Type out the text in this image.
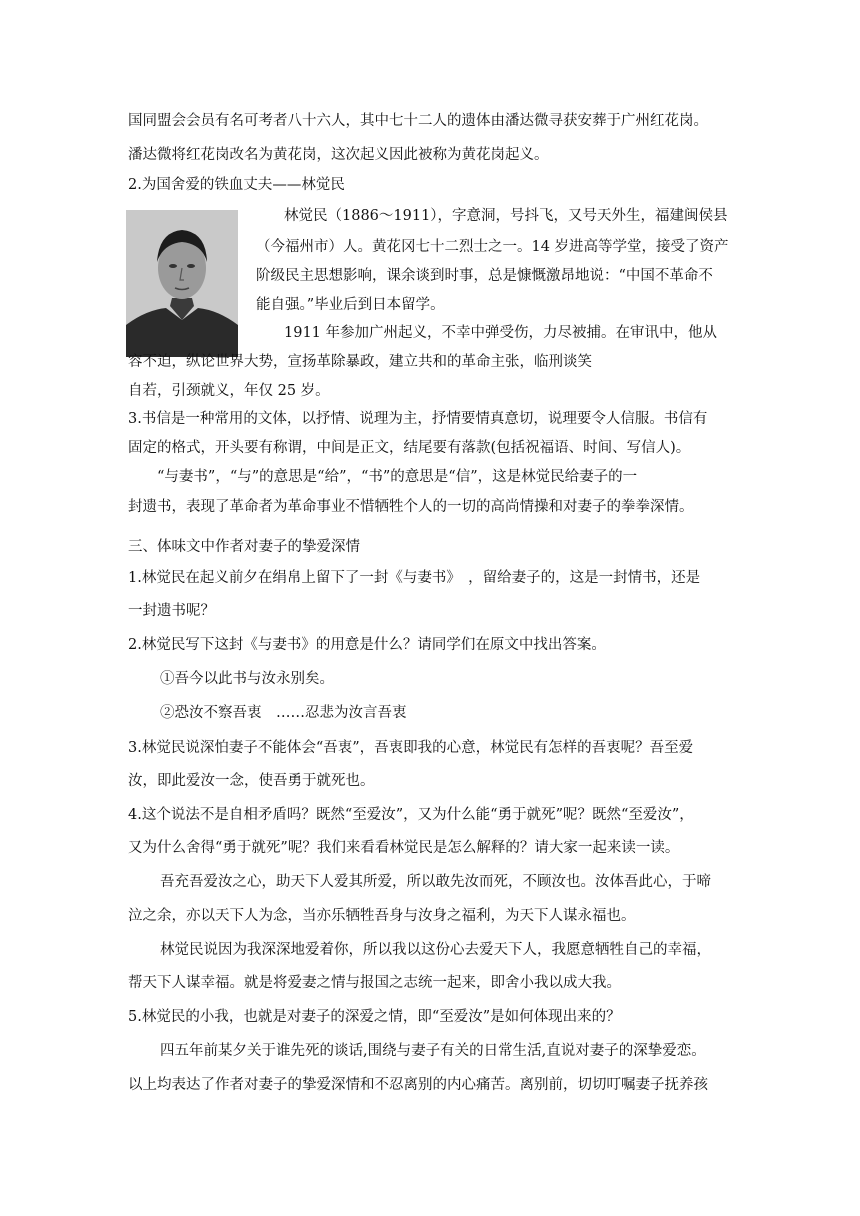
国同盟会会员有名可考者八十六人，其中七十二人的遗体由潘达微寻获安葬于广州红花岗。
潘达微将红花岗改名为黄花岗，这次起义因此被称为黄花岗起义。
2.为国舍爱的铁血丈夫——林觉民
林觉民（1886～1911），字意洞，号抖飞，又号天外生，福建闽侯县
（今福州市）人。黄花冈七十二烈士之一。14 岁进高等学堂，接受了资产
阶级民主思想影响，课余谈到时事，总是慷慨激昂地说：“中国不革命不
能自强。”毕业后到日本留学。
1911 年参加广州起义，不幸中弹受伤，力尽被捕。在审讯中，他从
容不迫，纵论世界大势，宣扬革除暴政，建立共和的革命主张，临刑谈笑
自若，引颈就义，年仅 25 岁。
3.书信是一种常用的文体，以抒情、说理为主，抒情要情真意切，说理要令人信服。书信有
固定的格式，开头要有称谓，中间是正文，结尾要有落款(包括祝福语、时间、写信人)。
“与妻书”，“与”的意思是“给”，“书”的意思是“信”，这是林觉民给妻子的一
封遗书，表现了革命者为革命事业不惜牺牲个人的一切的高尚情操和对妻子的拳拳深情。
三、体味文中作者对妻子的挚爱深情
1.林觉民在起义前夕在绢帛上留下了一封《与妻书》　，留给妻子的，这是一封情书，还是
一封遗书呢？
2.林觉民写下这封《与妻书》的用意是什么？请同学们在原文中找出答案。
①吾今以此书与汝永别矣。
②恐汝不察吾衷　……忍悲为汝言吾衷
3.林觉民说深怕妻子不能体会“吾衷”，吾衷即我的心意，林觉民有怎样的吾衷呢？吾至爱
汝，即此爱汝一念，使吾勇于就死也。
4.这个说法不是自相矛盾吗？既然“至爱汝”，又为什么能“勇于就死”呢？既然“至爱汝”，
又为什么舍得“勇于就死”呢？我们来看看林觉民是怎么解释的？请大家一起来读一读。
吾充吾爱汝之心，助天下人爱其所爱，所以敢先汝而死，不顾汝也。汝体吾此心，于啼
泣之余，亦以天下人为念，当亦乐牺牲吾身与汝身之福利，为天下人谋永福也。
林觉民说因为我深深地爱着你，所以我以这份心去爱天下人，我愿意牺牲自己的幸福，
帮天下人谋幸福。就是将爱妻之情与报国之志统一起来，即舍小我以成大我。
5.林觉民的小我，也就是对妻子的深爱之情，即“至爱汝”是如何体现出来的？
四五年前某夕关于谁先死的谈话,围绕与妻子有关的日常生活,直说对妻子的深挚爱恋。
以上均表达了作者对妻子的挚爱深情和不忍离别的内心痛苦。离别前，切切叮嘱妻子抚养孩
